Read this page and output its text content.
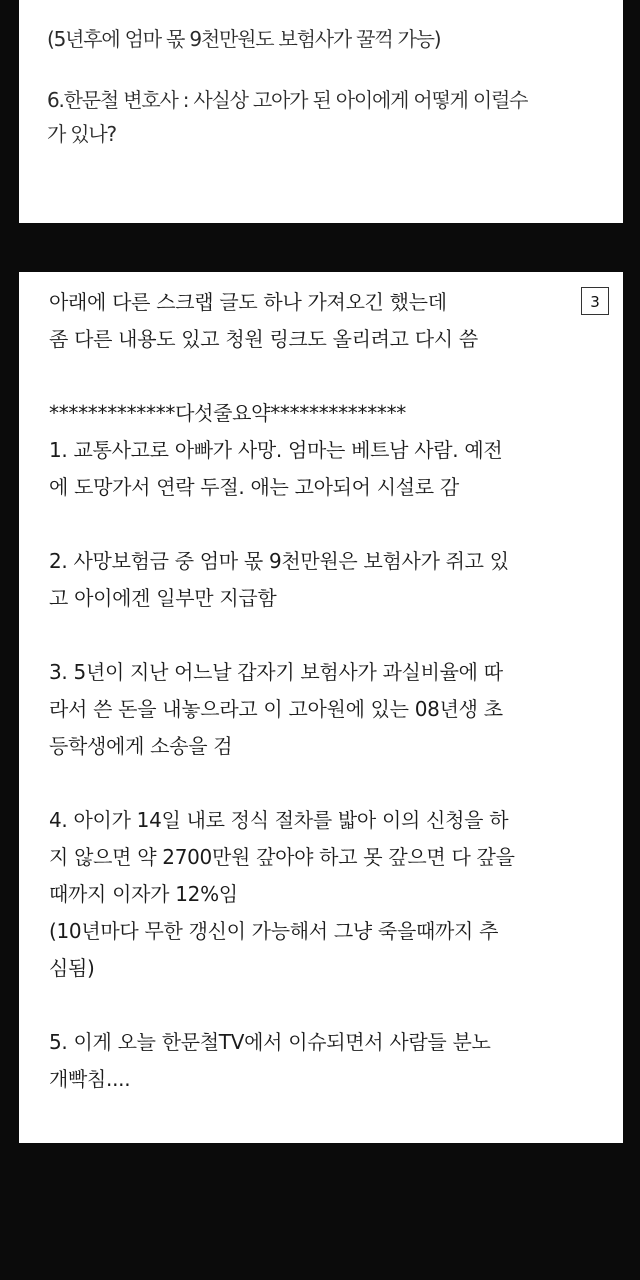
(5년후에 엄마 몫 9천만원도 보험사가 꿀꺽 가능)
6.한문철 변호사 : 사실상 고아가 된 아이에게 어떻게 이럴수
가 있나?
아래에 다른 스크랩 글도 하나 가져오긴 했는데
좀 다른 내용도 있고 청원 링크도 올리려고 다시 씀
*************다섯줄요약**************
1. 교통사고로 아빠가 사망. 엄마는 베트남 사람. 예전
에 도망가서 연락 두절. 애는 고아되어 시설로 감
2. 사망보험금 중 엄마 몫 9천만원은 보험사가 쥐고 있
고 아이에겐 일부만 지급함
3. 5년이 지난 어느날 갑자기 보험사가 과실비율에 따
라서 쓴 돈을 내놓으라고 이 고아원에 있는 08년생 초
등학생에게 소송을 검
4. 아이가 14일 내로 정식 절차를 밟아 이의 신청을 하
지 않으면 약 2700만원 갚아야 하고 못 갚으면 다 갚을
때까지 이자가 12%임
(10년마다 무한 갱신이 가능해서 그냥 죽을때까지 추
심됨)
5. 이게 오늘 한문철TV에서 이슈되면서 사람들 분노
개빡침....
3
